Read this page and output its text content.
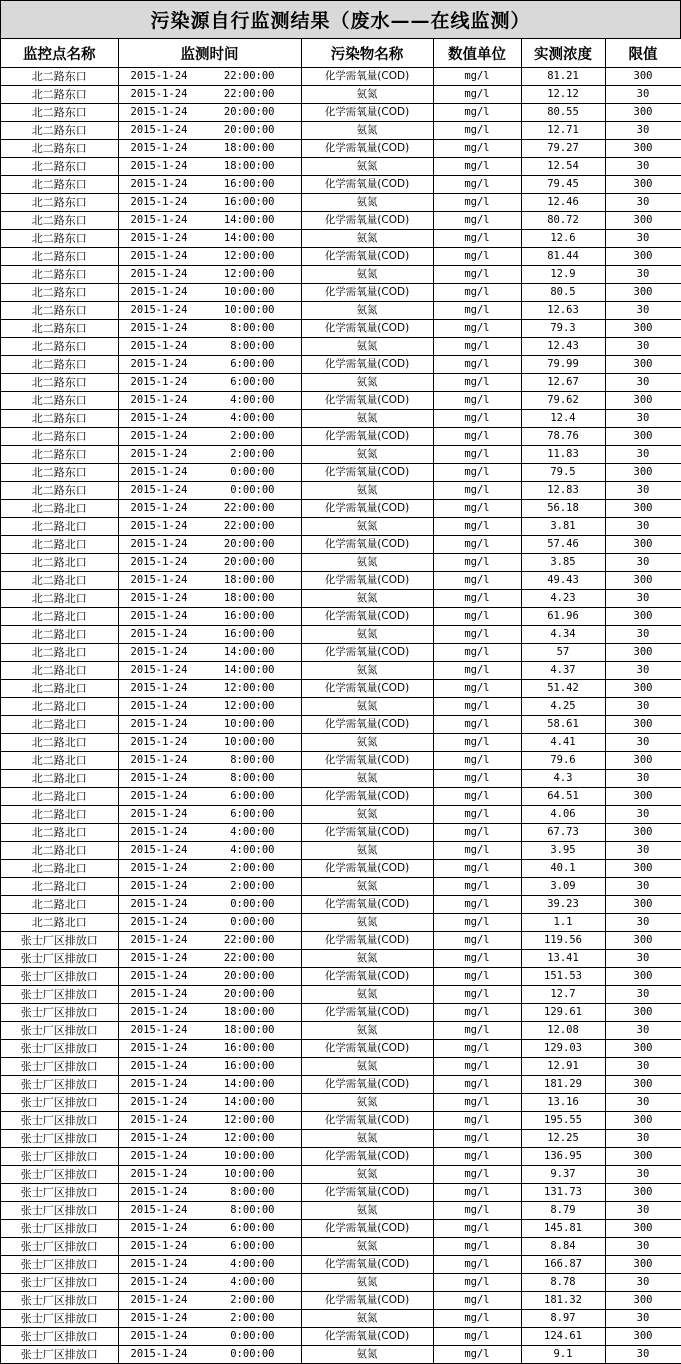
污染源自行监测结果（废水——在线监测）
监控点名称	监测时间	污染物名称	数值单位	实测浓度	限值
北二路东口	2015-1-24 22:00:00	化学需氧量(COD)	mg/l	81.21	300
北二路东口	2015-1-24 22:00:00	氨氮	mg/l	12.12	30
北二路东口	2015-1-24 20:00:00	化学需氧量(COD)	mg/l	80.55	300
北二路东口	2015-1-24 20:00:00	氨氮	mg/l	12.71	30
北二路东口	2015-1-24 18:00:00	化学需氧量(COD)	mg/l	79.27	300
北二路东口	2015-1-24 18:00:00	氨氮	mg/l	12.54	30
北二路东口	2015-1-24 16:00:00	化学需氧量(COD)	mg/l	79.45	300
北二路东口	2015-1-24 16:00:00	氨氮	mg/l	12.46	30
北二路东口	2015-1-24 14:00:00	化学需氧量(COD)	mg/l	80.72	300
北二路东口	2015-1-24 14:00:00	氨氮	mg/l	12.6	30
北二路东口	2015-1-24 12:00:00	化学需氧量(COD)	mg/l	81.44	300
北二路东口	2015-1-24 12:00:00	氨氮	mg/l	12.9	30
北二路东口	2015-1-24 10:00:00	化学需氧量(COD)	mg/l	80.5	300
北二路东口	2015-1-24 10:00:00	氨氮	mg/l	12.63	30
北二路东口	2015-1-24 8:00:00	化学需氧量(COD)	mg/l	79.3	300
北二路东口	2015-1-24 8:00:00	氨氮	mg/l	12.43	30
北二路东口	2015-1-24 6:00:00	化学需氧量(COD)	mg/l	79.99	300
北二路东口	2015-1-24 6:00:00	氨氮	mg/l	12.67	30
北二路东口	2015-1-24 4:00:00	化学需氧量(COD)	mg/l	79.62	300
北二路东口	2015-1-24 4:00:00	氨氮	mg/l	12.4	30
北二路东口	2015-1-24 2:00:00	化学需氧量(COD)	mg/l	78.76	300
北二路东口	2015-1-24 2:00:00	氨氮	mg/l	11.83	30
北二路东口	2015-1-24 0:00:00	化学需氧量(COD)	mg/l	79.5	300
北二路东口	2015-1-24 0:00:00	氨氮	mg/l	12.83	30
北二路北口	2015-1-24 22:00:00	化学需氧量(COD)	mg/l	56.18	300
北二路北口	2015-1-24 22:00:00	氨氮	mg/l	3.81	30
北二路北口	2015-1-24 20:00:00	化学需氧量(COD)	mg/l	57.46	300
北二路北口	2015-1-24 20:00:00	氨氮	mg/l	3.85	30
北二路北口	2015-1-24 18:00:00	化学需氧量(COD)	mg/l	49.43	300
北二路北口	2015-1-24 18:00:00	氨氮	mg/l	4.23	30
北二路北口	2015-1-24 16:00:00	化学需氧量(COD)	mg/l	61.96	300
北二路北口	2015-1-24 16:00:00	氨氮	mg/l	4.34	30
北二路北口	2015-1-24 14:00:00	化学需氧量(COD)	mg/l	57	300
北二路北口	2015-1-24 14:00:00	氨氮	mg/l	4.37	30
北二路北口	2015-1-24 12:00:00	化学需氧量(COD)	mg/l	51.42	300
北二路北口	2015-1-24 12:00:00	氨氮	mg/l	4.25	30
北二路北口	2015-1-24 10:00:00	化学需氧量(COD)	mg/l	58.61	300
北二路北口	2015-1-24 10:00:00	氨氮	mg/l	4.41	30
北二路北口	2015-1-24 8:00:00	化学需氧量(COD)	mg/l	79.6	300
北二路北口	2015-1-24 8:00:00	氨氮	mg/l	4.3	30
北二路北口	2015-1-24 6:00:00	化学需氧量(COD)	mg/l	64.51	300
北二路北口	2015-1-24 6:00:00	氨氮	mg/l	4.06	30
北二路北口	2015-1-24 4:00:00	化学需氧量(COD)	mg/l	67.73	300
北二路北口	2015-1-24 4:00:00	氨氮	mg/l	3.95	30
北二路北口	2015-1-24 2:00:00	化学需氧量(COD)	mg/l	40.1	300
北二路北口	2015-1-24 2:00:00	氨氮	mg/l	3.09	30
北二路北口	2015-1-24 0:00:00	化学需氧量(COD)	mg/l	39.23	300
北二路北口	2015-1-24 0:00:00	氨氮	mg/l	1.1	30
张士厂区排放口	2015-1-24 22:00:00	化学需氧量(COD)	mg/l	119.56	300
张士厂区排放口	2015-1-24 22:00:00	氨氮	mg/l	13.41	30
张士厂区排放口	2015-1-24 20:00:00	化学需氧量(COD)	mg/l	151.53	300
张士厂区排放口	2015-1-24 20:00:00	氨氮	mg/l	12.7	30
张士厂区排放口	2015-1-24 18:00:00	化学需氧量(COD)	mg/l	129.61	300
张士厂区排放口	2015-1-24 18:00:00	氨氮	mg/l	12.08	30
张士厂区排放口	2015-1-24 16:00:00	化学需氧量(COD)	mg/l	129.03	300
张士厂区排放口	2015-1-24 16:00:00	氨氮	mg/l	12.91	30
张士厂区排放口	2015-1-24 14:00:00	化学需氧量(COD)	mg/l	181.29	300
张士厂区排放口	2015-1-24 14:00:00	氨氮	mg/l	13.16	30
张士厂区排放口	2015-1-24 12:00:00	化学需氧量(COD)	mg/l	195.55	300
张士厂区排放口	2015-1-24 12:00:00	氨氮	mg/l	12.25	30
张士厂区排放口	2015-1-24 10:00:00	化学需氧量(COD)	mg/l	136.95	300
张士厂区排放口	2015-1-24 10:00:00	氨氮	mg/l	9.37	30
张士厂区排放口	2015-1-24 8:00:00	化学需氧量(COD)	mg/l	131.73	300
张士厂区排放口	2015-1-24 8:00:00	氨氮	mg/l	8.79	30
张士厂区排放口	2015-1-24 6:00:00	化学需氧量(COD)	mg/l	145.81	300
张士厂区排放口	2015-1-24 6:00:00	氨氮	mg/l	8.84	30
张士厂区排放口	2015-1-24 4:00:00	化学需氧量(COD)	mg/l	166.87	300
张士厂区排放口	2015-1-24 4:00:00	氨氮	mg/l	8.78	30
张士厂区排放口	2015-1-24 2:00:00	化学需氧量(COD)	mg/l	181.32	300
张士厂区排放口	2015-1-24 2:00:00	氨氮	mg/l	8.97	30
张士厂区排放口	2015-1-24 0:00:00	化学需氧量(COD)	mg/l	124.61	300
张士厂区排放口	2015-1-24 0:00:00	氨氮	mg/l	9.1	30
